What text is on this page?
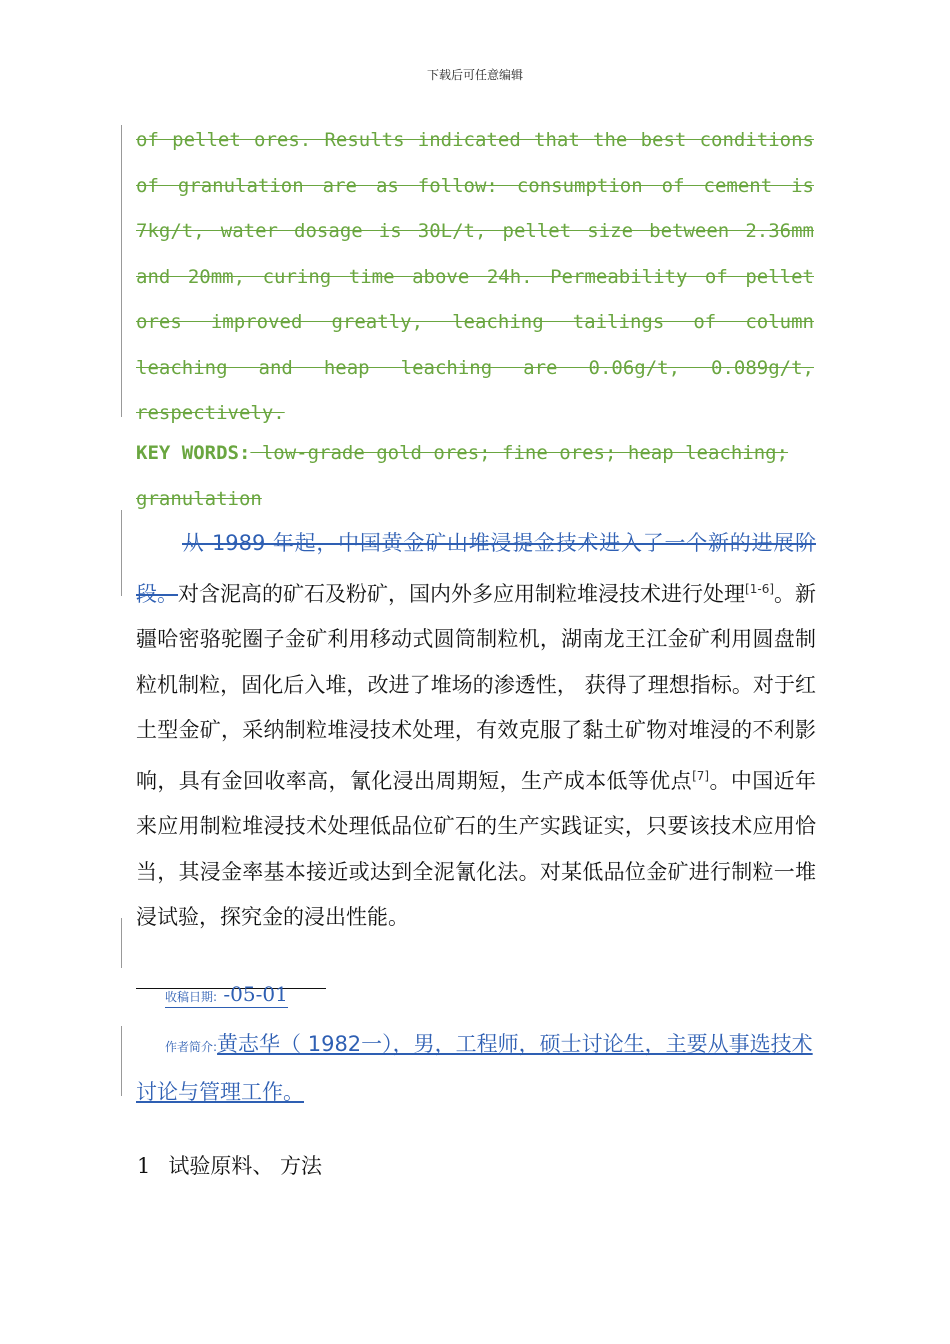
下载后可任意编辑
of pellet ores. Results indicated that the best conditions
of granulation are as follow: consumption of cement is
7kg/t, water dosage is 30L/t, pellet size between 2.36mm
and 20mm, curing time above 24h. Permeability of pellet
ores improved greatly, leaching tailings of column
leaching and heap leaching are 0.06g/t, 0.089g/t,
respectively.
KEY WORDS: low-grade gold ores; fine ores; heap leaching; granulation
从 1989 年起，中国黄金矿山堆浸提金技术进入了一个新的进展阶段。对含泥高的矿石及粉矿，国内外多应用制粒堆浸技术进行处理[1-6]。新疆哈密骆驼圈子金矿利用移动式圆筒制粒机，湖南龙王江金矿利用圆盘制粒机制粒，固化后入堆，改进了堆场的渗透性， 获得了理想指标。对于红土型金矿，采纳制粒堆浸技术处理，有效克服了黏土矿物对堆浸的不利影响，具有金回收率高，氰化浸出周期短，生产成本低等优点[7]。中国近年来应用制粒堆浸技术处理低品位矿石的生产实践证实，只要该技术应用恰当，其浸金率基本接近或达到全泥氰化法。对某低品位金矿进行制粒一堆浸试验，探究金的浸出性能。
收稿日期: -05-01
作者简介:黄志华（ 1982一），男，工程师，硕士讨论生，主要从事选技术讨论与管理工作。
1 试验原料、 方法
